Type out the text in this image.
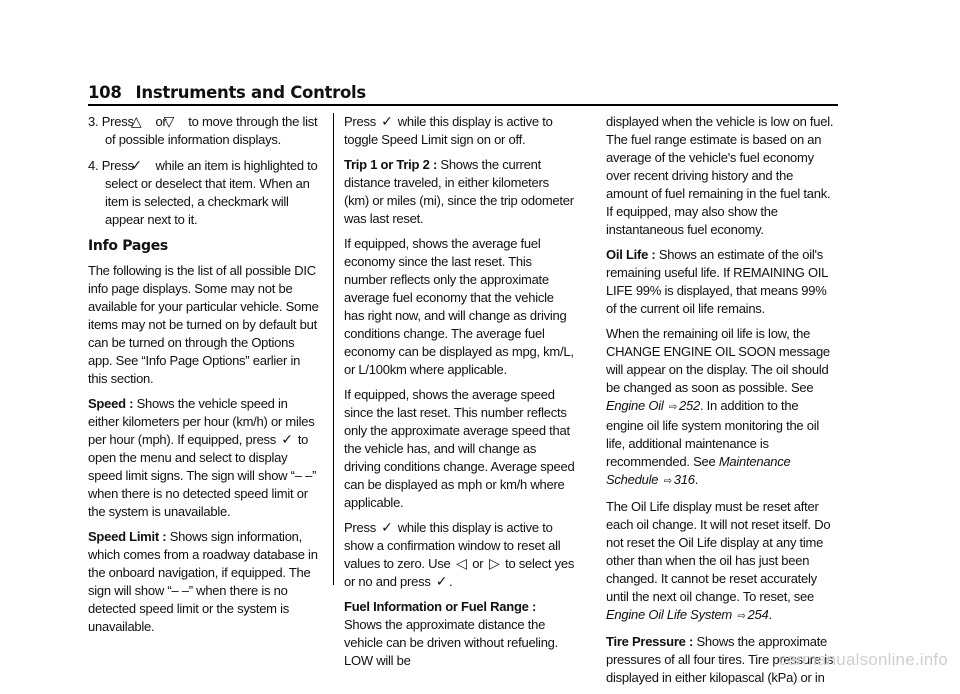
108 Instruments and Controls
3. Press △ or ▽ to move through the list of possible information displays.
4. Press ✓ while an item is highlighted to select or deselect that item. When an item is selected, a checkmark will appear next to it.
Info Pages

The following is the list of all possible DIC info page displays. Some may not be available for your particular vehicle. Some items may not be turned on by default but can be turned on through the Options app. See “Info Page Options” earlier in this section.

Speed : Shows the vehicle speed in either kilometers per hour (km/h) or miles per hour (mph). If equipped, press ✓ to open the menu and select to display speed limit signs. The sign will show “– –” when there is no detected speed limit or the system is unavailable.

Speed Limit : Shows sign information, which comes from a roadway database in the onboard navigation, if equipped. The sign will show “– –” when there is no detected speed limit or the system is unavailable.

Press ✓ while this display is active to toggle Speed Limit sign on or off.

Trip 1 or Trip 2 : Shows the current distance traveled, in either kilometers (km) or miles (mi), since the trip odometer was last reset.

If equipped, shows the average fuel economy since the last reset. This number reflects only the approximate average fuel economy that the vehicle has right now, and will change as driving conditions change. The average fuel economy can be displayed as mpg, km/L, or L/100km where applicable.

If equipped, shows the average speed since the last reset. This number reflects only the approximate average speed that the vehicle has, and will change as driving conditions change. Average speed can be displayed as mph or km/h where applicable.

Press ✓ while this display is active to show a confirmation window to reset all values to zero. Use ◁ or ▷ to select yes or no and press ✓ .

Fuel Information or Fuel Range : Shows the approximate distance the vehicle can be driven without refueling. LOW will be

displayed when the vehicle is low on fuel. The fuel range estimate is based on an average of the vehicle's fuel economy over recent driving history and the amount of fuel remaining in the fuel tank. If equipped, may also show the instantaneous fuel economy.

Oil Life : Shows an estimate of the oil's remaining useful life. If REMAINING OIL LIFE 99% is displayed, that means 99% of the current oil life remains.

When the remaining oil life is low, the CHANGE ENGINE OIL SOON message will appear on the display. The oil should be changed as soon as possible. See Engine Oil ⇨ 252. In addition to the engine oil life system monitoring the oil life, additional maintenance is recommended. See Maintenance Schedule ⇨ 316.

The Oil Life display must be reset after each oil change. It will not reset itself. Do not reset the Oil Life display at any time other than when the oil has just been changed. It cannot be reset accurately until the next oil change. To reset, see Engine Oil Life System ⇨ 254.

Tire Pressure : Shows the approximate pressures of all four tires. Tire pressure is displayed in either kilopascal (kPa) or in

carmanualsonline.info
